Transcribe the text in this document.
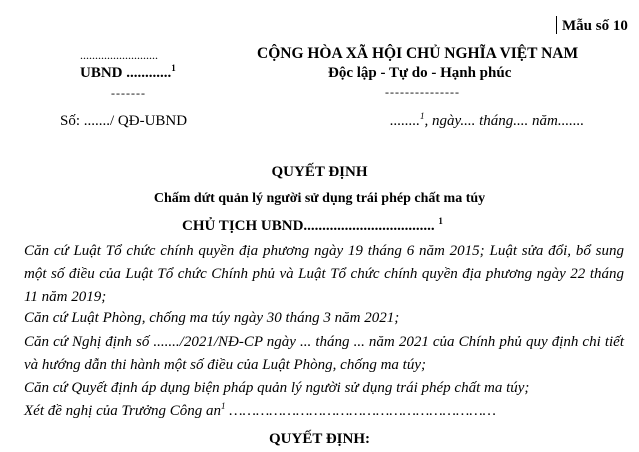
Mẫu số 10
..........................
UBND ............$^1$
-------
CỘNG HÒA XÃ HỘI CHỦ NGHĨA VIỆT NAM
Độc lập - Tự do - Hạnh phúc
---------------
Số: ......./ QĐ-UBND	........$^1$, ngày.... tháng.... năm.......
QUYẾT ĐỊNH
Chấm dứt quản lý người sử dụng trái phép chất ma túy
CHỦ TỊCH UBND................................... $^1$
Căn cứ Luật Tổ chức chính quyền địa phương ngày 19 tháng 6 năm 2015; Luật sửa đổi, bổ sung một số điều của Luật Tổ chức Chính phủ và Luật Tổ chức chính quyền địa phương ngày 22 tháng 11 năm 2019;
Căn cứ Luật Phòng, chống ma túy ngày 30 tháng 3 năm 2021;
Căn cứ Nghị định số ......./2021/NĐ-CP ngày ... tháng ... năm 2021 của Chính phủ quy định chi tiết và hướng dẫn thi hành một số điều của Luật Phòng, chống ma túy;
Căn cứ Quyết định áp dụng biện pháp quản lý người sử dụng trái phép chất ma túy;
Xét đề nghị của Trưởng Công $an^1$ ……………………………………………………
QUYẾT ĐỊNH:
